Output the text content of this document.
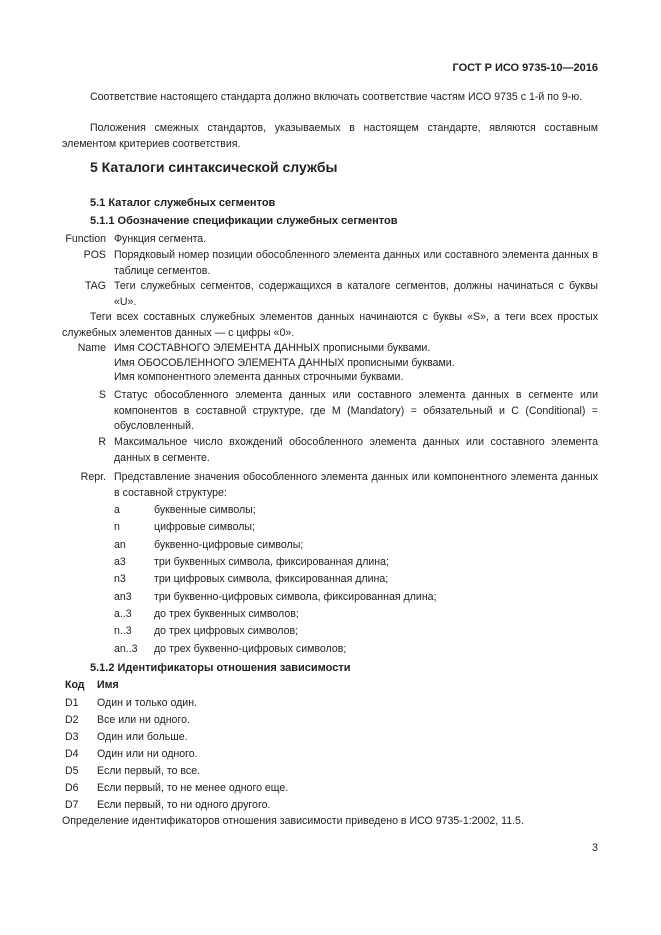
ГОСТ Р ИСО 9735-10—2016
Соответствие настоящего стандарта должно включать соответствие частям ИСО 9735 с 1-й по 9-ю.
Положения смежных стандартов, указываемых в настоящем стандарте, являются составным элементом критериев соответствия.
5 Каталоги синтаксической службы
5.1 Каталог служебных сегментов
5.1.1 Обозначение спецификации служебных сегментов
Function Функция сегмента.
POS Порядковый номер позиции обособленного элемента данных или составного элемента данных в таблице сегментов.
TAG Теги служебных сегментов, содержащихся в каталоге сегментов, должны начинаться с буквы «U».
Теги всех составных служебных элементов данных начинаются с буквы «S», а теги всех простых служебных элементов данных — с цифры «0».
Name Имя СОСТАВНОГО ЭЛЕМЕНТА ДАННЫХ прописными буквами.
Имя ОБОСОБЛЕННОГО ЭЛЕМЕНТА ДАННЫХ прописными буквами.
Имя компонентного элемента данных строчными буквами.
S Статус обособленного элемента данных или составного элемента данных в сегменте или компонентов в составной структуре, где M (Mandatory) = обязательный и C (Conditional) = обусловленный.
R Максимальное число вхождений обособленного элемента данных или составного элемента данных в сегменте.
Repr. Представление значения обособленного элемента данных или компонентного элемента данных в составной структуре:
a	буквенные символы;
n	цифровые символы;
an	буквенно-цифровые символы;
a3	три буквенных символа, фиксированная длина;
n3	три цифровых символа, фиксированная длина;
an3	три буквенно-цифровых символа, фиксированная длина;
a..3	до трех буквенных символов;
n..3	до трех цифровых символов;
an..3	до трех буквенно-цифровых символов;
5.1.2 Идентификаторы отношения зависимости
Код	Имя
D1	Один и только один.
D2	Все или ни одного.
D3	Один или больше.
D4	Один или ни одного.
D5	Если первый, то все.
D6	Если первый, то не менее одного еще.
D7	Если первый, то ни одного другого.
Определение идентификаторов отношения зависимости приведено в ИСО 9735-1:2002, 11.5.
3
